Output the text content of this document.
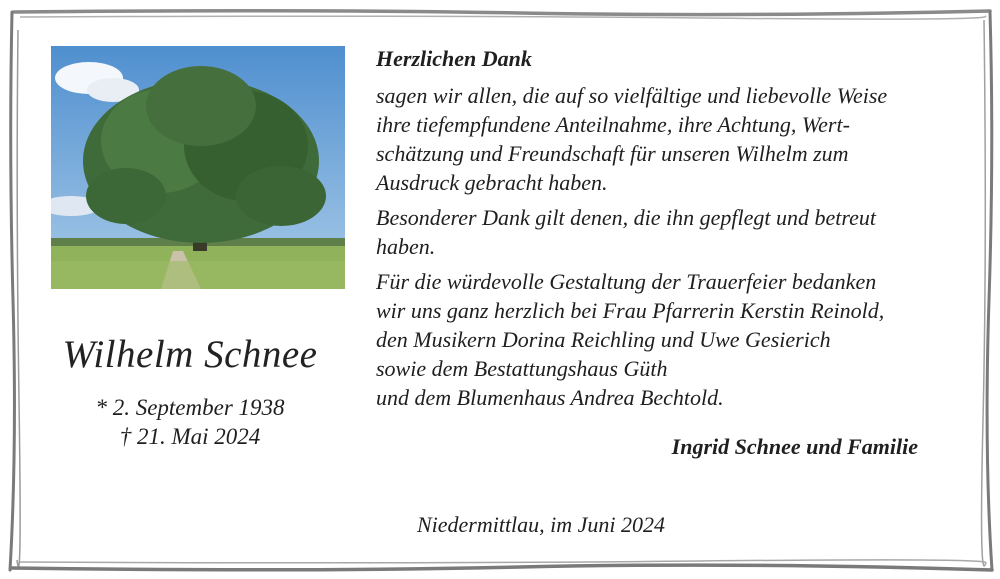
Wilhelm Schnee
* 2. September 1938
† 21. Mai 2024
Herzlichen Dank

sagen wir allen, die auf so vielfältige und liebevolle Weise
ihre tiefempfundene Anteilnahme, ihre Achtung, Wert-
schätzung und Freundschaft für unseren Wilhelm zum
Ausdruck gebracht haben.

Besonderer Dank gilt denen, die ihn gepflegt und betreut
haben.

Für die würdevolle Gestaltung der Trauerfeier bedanken
wir uns ganz herzlich bei Frau Pfarrerin Kerstin Reinold,
den Musikern Dorina Reichling und Uwe Gesierich
sowie dem Bestattungshaus Güth
und dem Blumenhaus Andrea Bechtold.

Ingrid Schnee und Familie
Niedermittlau, im Juni 2024
